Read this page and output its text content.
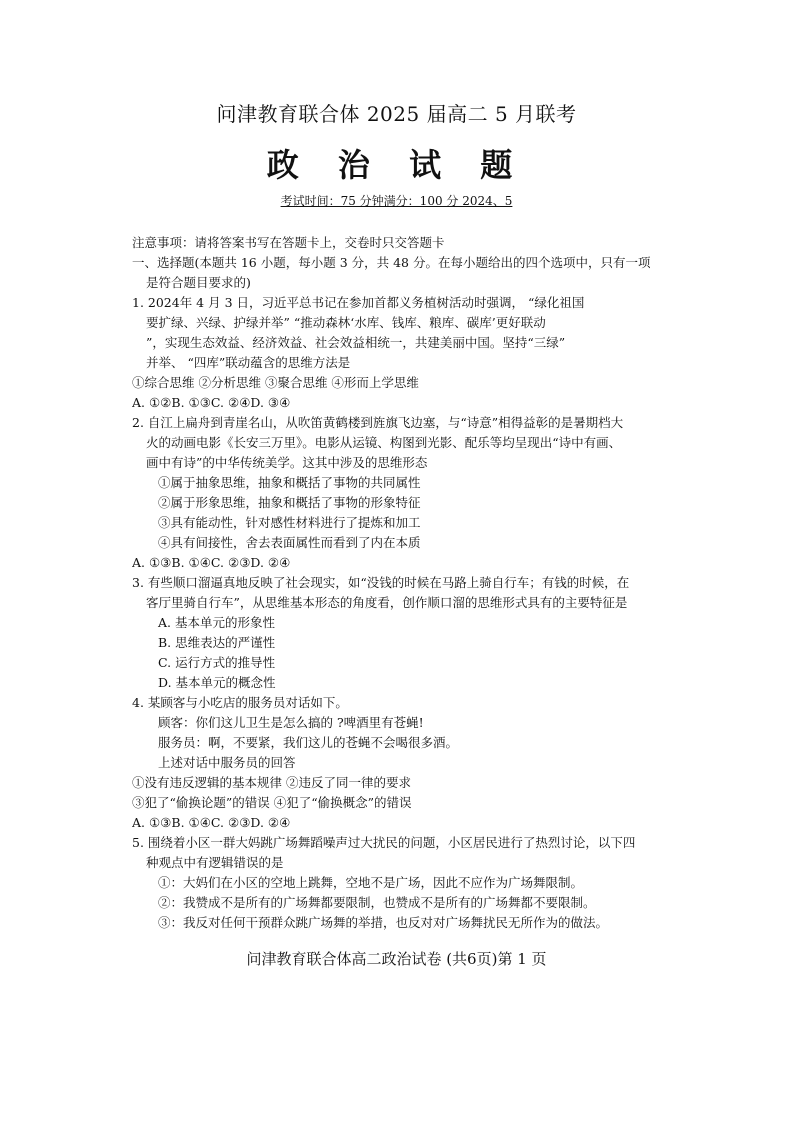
问津教育联合体 2025 届高二 5 月联考
政 治 试 题
考试时间：75 分钟满分：100 分 2024、5
注意事项：请将答案书写在答题卡上，交卷时只交答题卡
一、选择题(本题共 16 小题，每小题 3 分，共 48 分。在每小题给出的四个选项中，只有一项
是符合题目要求的)
1. 2024年 4 月 3 日，习近平总书记在参加首都义务植树活动时强调， “绿化祖国
要扩绿、兴绿、护绿并举” “推动森林‘水库、钱库、粮库、碳库’更好联动
”，实现生态效益、经济效益、社会效益相统一，共建美丽中国。坚持“三绿”
并举、 “四库”联动蕴含的思维方法是
①综合思维 ②分析思维 ③聚合思维 ④形而上学思维
A. ①②B. ①③C. ②④D. ③④
2. 自江上扁舟到青崖名山，从吹笛黄鹤楼到旌旗飞边塞，与“诗意”相得益彰的是暑期档大
火的动画电影《长安三万里》。电影从运镜、构图到光影、配乐等均呈现出“诗中有画、
画中有诗”的中华传统美学。这其中涉及的思维形态
①属于抽象思维，抽象和概括了事物的共同属性
②属于形象思维，抽象和概括了事物的形象特征
③具有能动性，针对感性材料进行了提炼和加工
④具有间接性，舍去表面属性而看到了内在本质
A. ①③B. ①④C. ②③D. ②④
3. 有些顺口溜逼真地反映了社会现实，如“没钱的时候在马路上骑自行车；有钱的时候，在
客厅里骑自行车”，从思维基本形态的角度看，创作顺口溜的思维形式具有的主要特征是
A. 基本单元的形象性
B. 思维表达的严谨性
C. 运行方式的推导性
D. 基本单元的概念性
4. 某顾客与小吃店的服务员对话如下。
顾客：你们这儿卫生是怎么搞的 ?啤酒里有苍蝇!
服务员：啊，不要紧，我们这儿的苍蝇不会喝很多酒。
上述对话中服务员的回答
①没有违反逻辑的基本规律 ②违反了同一律的要求
③犯了“偷换论题”的错误 ④犯了“偷换概念”的错误
A. ①③B. ①④C. ②③D. ②④
5. 围绕着小区一群大妈跳广场舞蹈噪声过大扰民的问题，小区居民进行了热烈讨论，以下四
种观点中有逻辑错误的是
①：大妈们在小区的空地上跳舞，空地不是广场，因此不应作为广场舞限制。
②：我赞成不是所有的广场舞都要限制，也赞成不是所有的广场舞都不要限制。
③：我反对任何干预群众跳广场舞的举措，也反对对广场舞扰民无所作为的做法。
问津教育联合体高二政治试卷 (共6页)第 1 页
